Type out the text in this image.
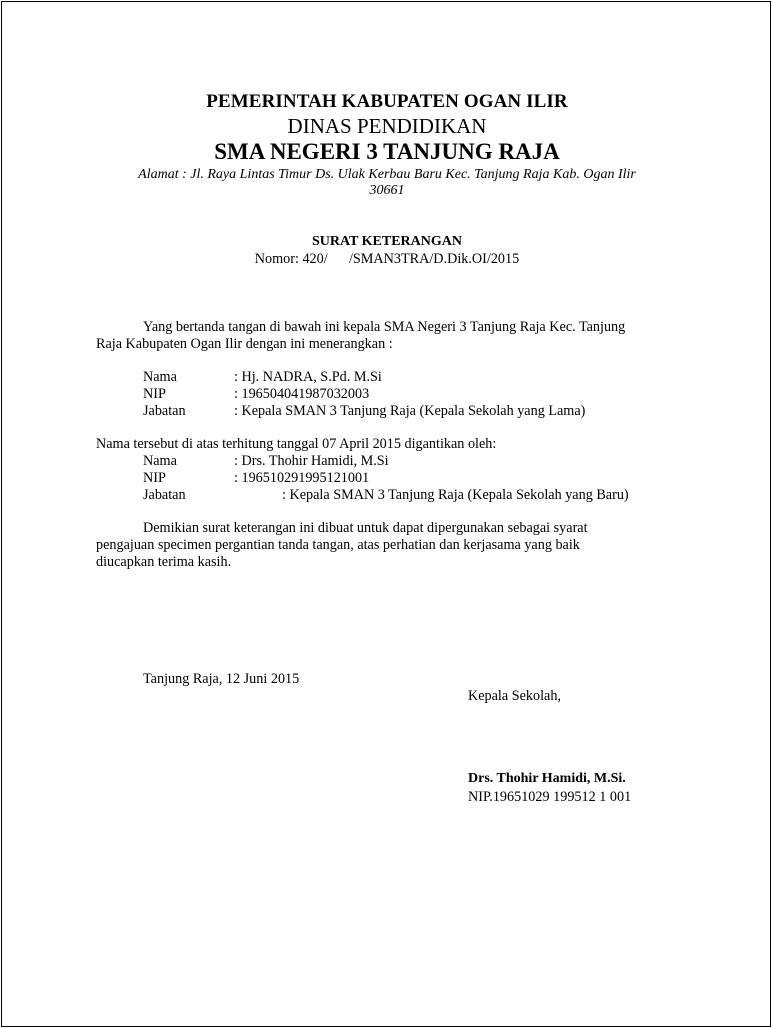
PEMERINTAH KABUPATEN OGAN ILIR
DINAS PENDIDIKAN
SMA NEGERI 3 TANJUNG RAJA
Alamat : Jl. Raya Lintas Timur Ds. Ulak Kerbau Baru Kec. Tanjung Raja Kab. Ogan Ilir
30661
SURAT KETERANGAN
Nomor: 420/      /SMAN3TRA/D.Dik.OI/2015
Yang bertanda tangan di bawah ini kepala SMA Negeri 3 Tanjung Raja Kec. Tanjung
Raja Kabupaten Ogan Ilir dengan ini menerangkan :
Nama	: Hj. NADRA, S.Pd. M.Si
NIP	: 196504041987032003
Jabatan	: Kepala SMAN 3 Tanjung Raja (Kepala Sekolah yang Lama)
Nama tersebut di atas terhitung tanggal 07 April 2015 digantikan oleh:
Nama	: Drs. Thohir Hamidi, M.Si
NIP	: 196510291995121001
Jabatan	: Kepala SMAN 3 Tanjung Raja (Kepala Sekolah yang Baru)
Demikian surat keterangan ini dibuat untuk dapat dipergunakan sebagai syarat
pengajuan specimen pergantian tanda tangan, atas perhatian dan kerjasama yang baik
diucapkan terima kasih.
Tanjung Raja, 12 Juni 2015
Kepala Sekolah,
Drs. Thohir Hamidi, M.Si.
NIP.19651029 199512 1 001
